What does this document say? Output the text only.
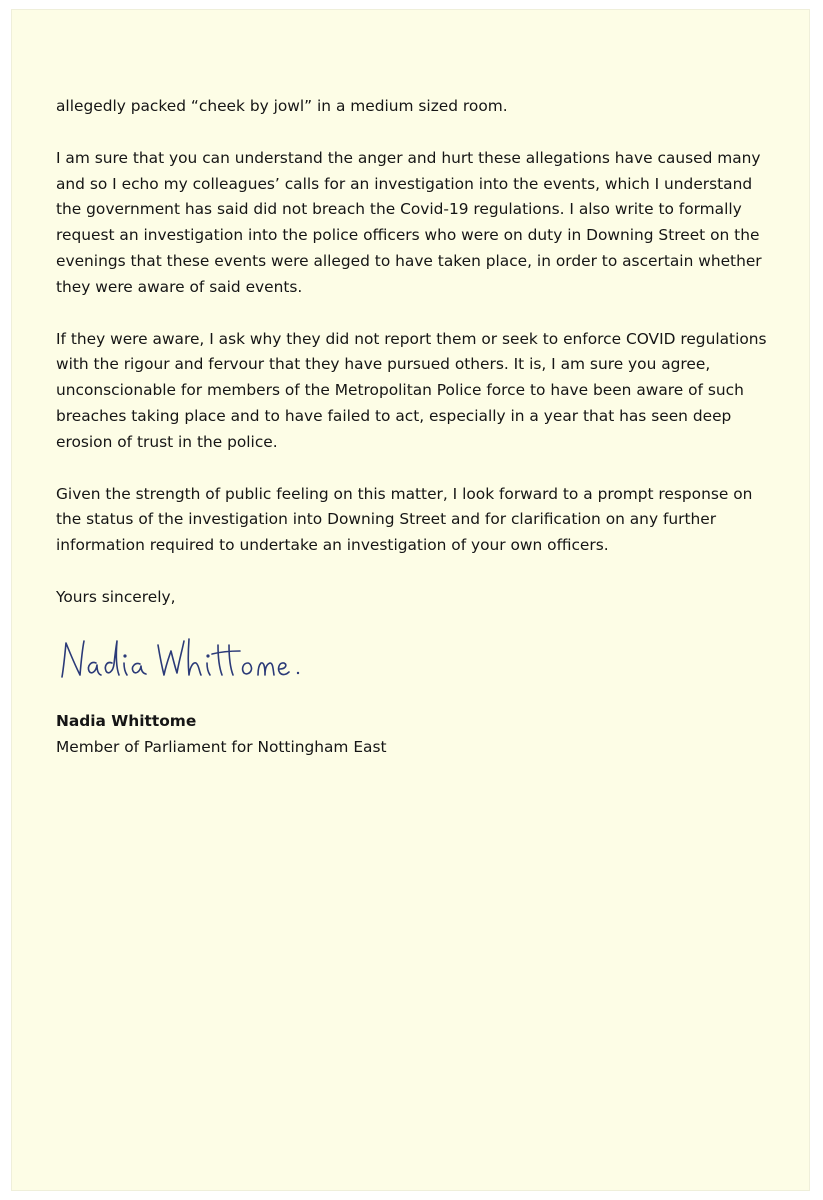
allegedly packed “cheek by jowl” in a medium sized room.

I am sure that you can understand the anger and hurt these allegations have caused many and so I echo my colleagues’ calls for an investigation into the events, which I understand the government has said did not breach the Covid-19 regulations. I also write to formally request an investigation into the police officers who were on duty in Downing Street on the evenings that these events were alleged to have taken place, in order to ascertain whether they were aware of said events.

If they were aware, I ask why they did not report them or seek to enforce COVID regulations with the rigour and fervour that they have pursued others. It is, I am sure you agree, unconscionable for members of the Metropolitan Police force to have been aware of such breaches taking place and to have failed to act, especially in a year that has seen deep erosion of trust in the police.

Given the strength of public feeling on this matter, I look forward to a prompt response on the status of the investigation into Downing Street and for clarification on any further information required to undertake an investigation of your own officers.

Yours sincerely,

Nadia Whittome

Member of Parliament for Nottingham East
